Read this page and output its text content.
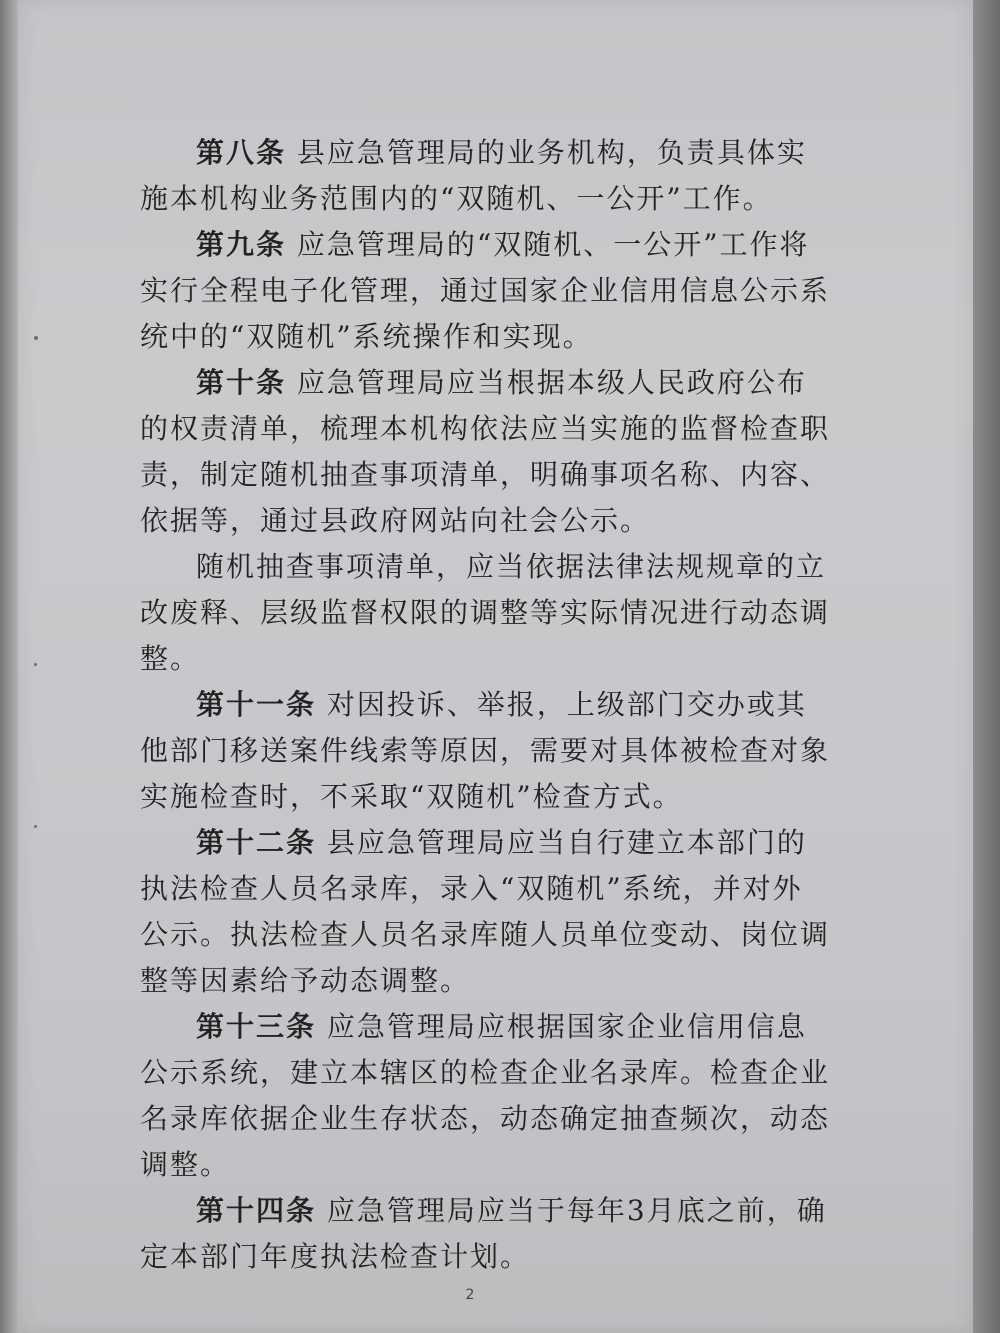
第八条 县应急管理局的业务机构，负责具体实施本机构业务范围内的“双随机、一公开”工作。

第九条 应急管理局的“双随机、一公开”工作将实行全程电子化管理，通过国家企业信用信息公示系统中的“双随机”系统操作和实现。

第十条 应急管理局应当根据本级人民政府公布的权责清单，梳理本机构依法应当实施的监督检查职责，制定随机抽查事项清单，明确事项名称、内容、依据等，通过县政府网站向社会公示。

随机抽查事项清单，应当依据法律法规规章的立改废释、层级监督权限的调整等实际情况进行动态调整。

第十一条 对因投诉、举报，上级部门交办或其他部门移送案件线索等原因，需要对具体被检查对象实施检查时，不采取“双随机”检查方式。

第十二条 县应急管理局应当自行建立本部门的执法检查人员名录库，录入“双随机”系统，并对外公示。执法检查人员名录库随人员单位变动、岗位调整等因素给予动态调整。

第十三条 应急管理局应根据国家企业信用信息公示系统，建立本辖区的检查企业名录库。检查企业名录库依据企业生存状态，动态确定抽查频次，动态调整。

第十四条 应急管理局应当于每年3月底之前，确定本部门年度执法检查计划。

2
